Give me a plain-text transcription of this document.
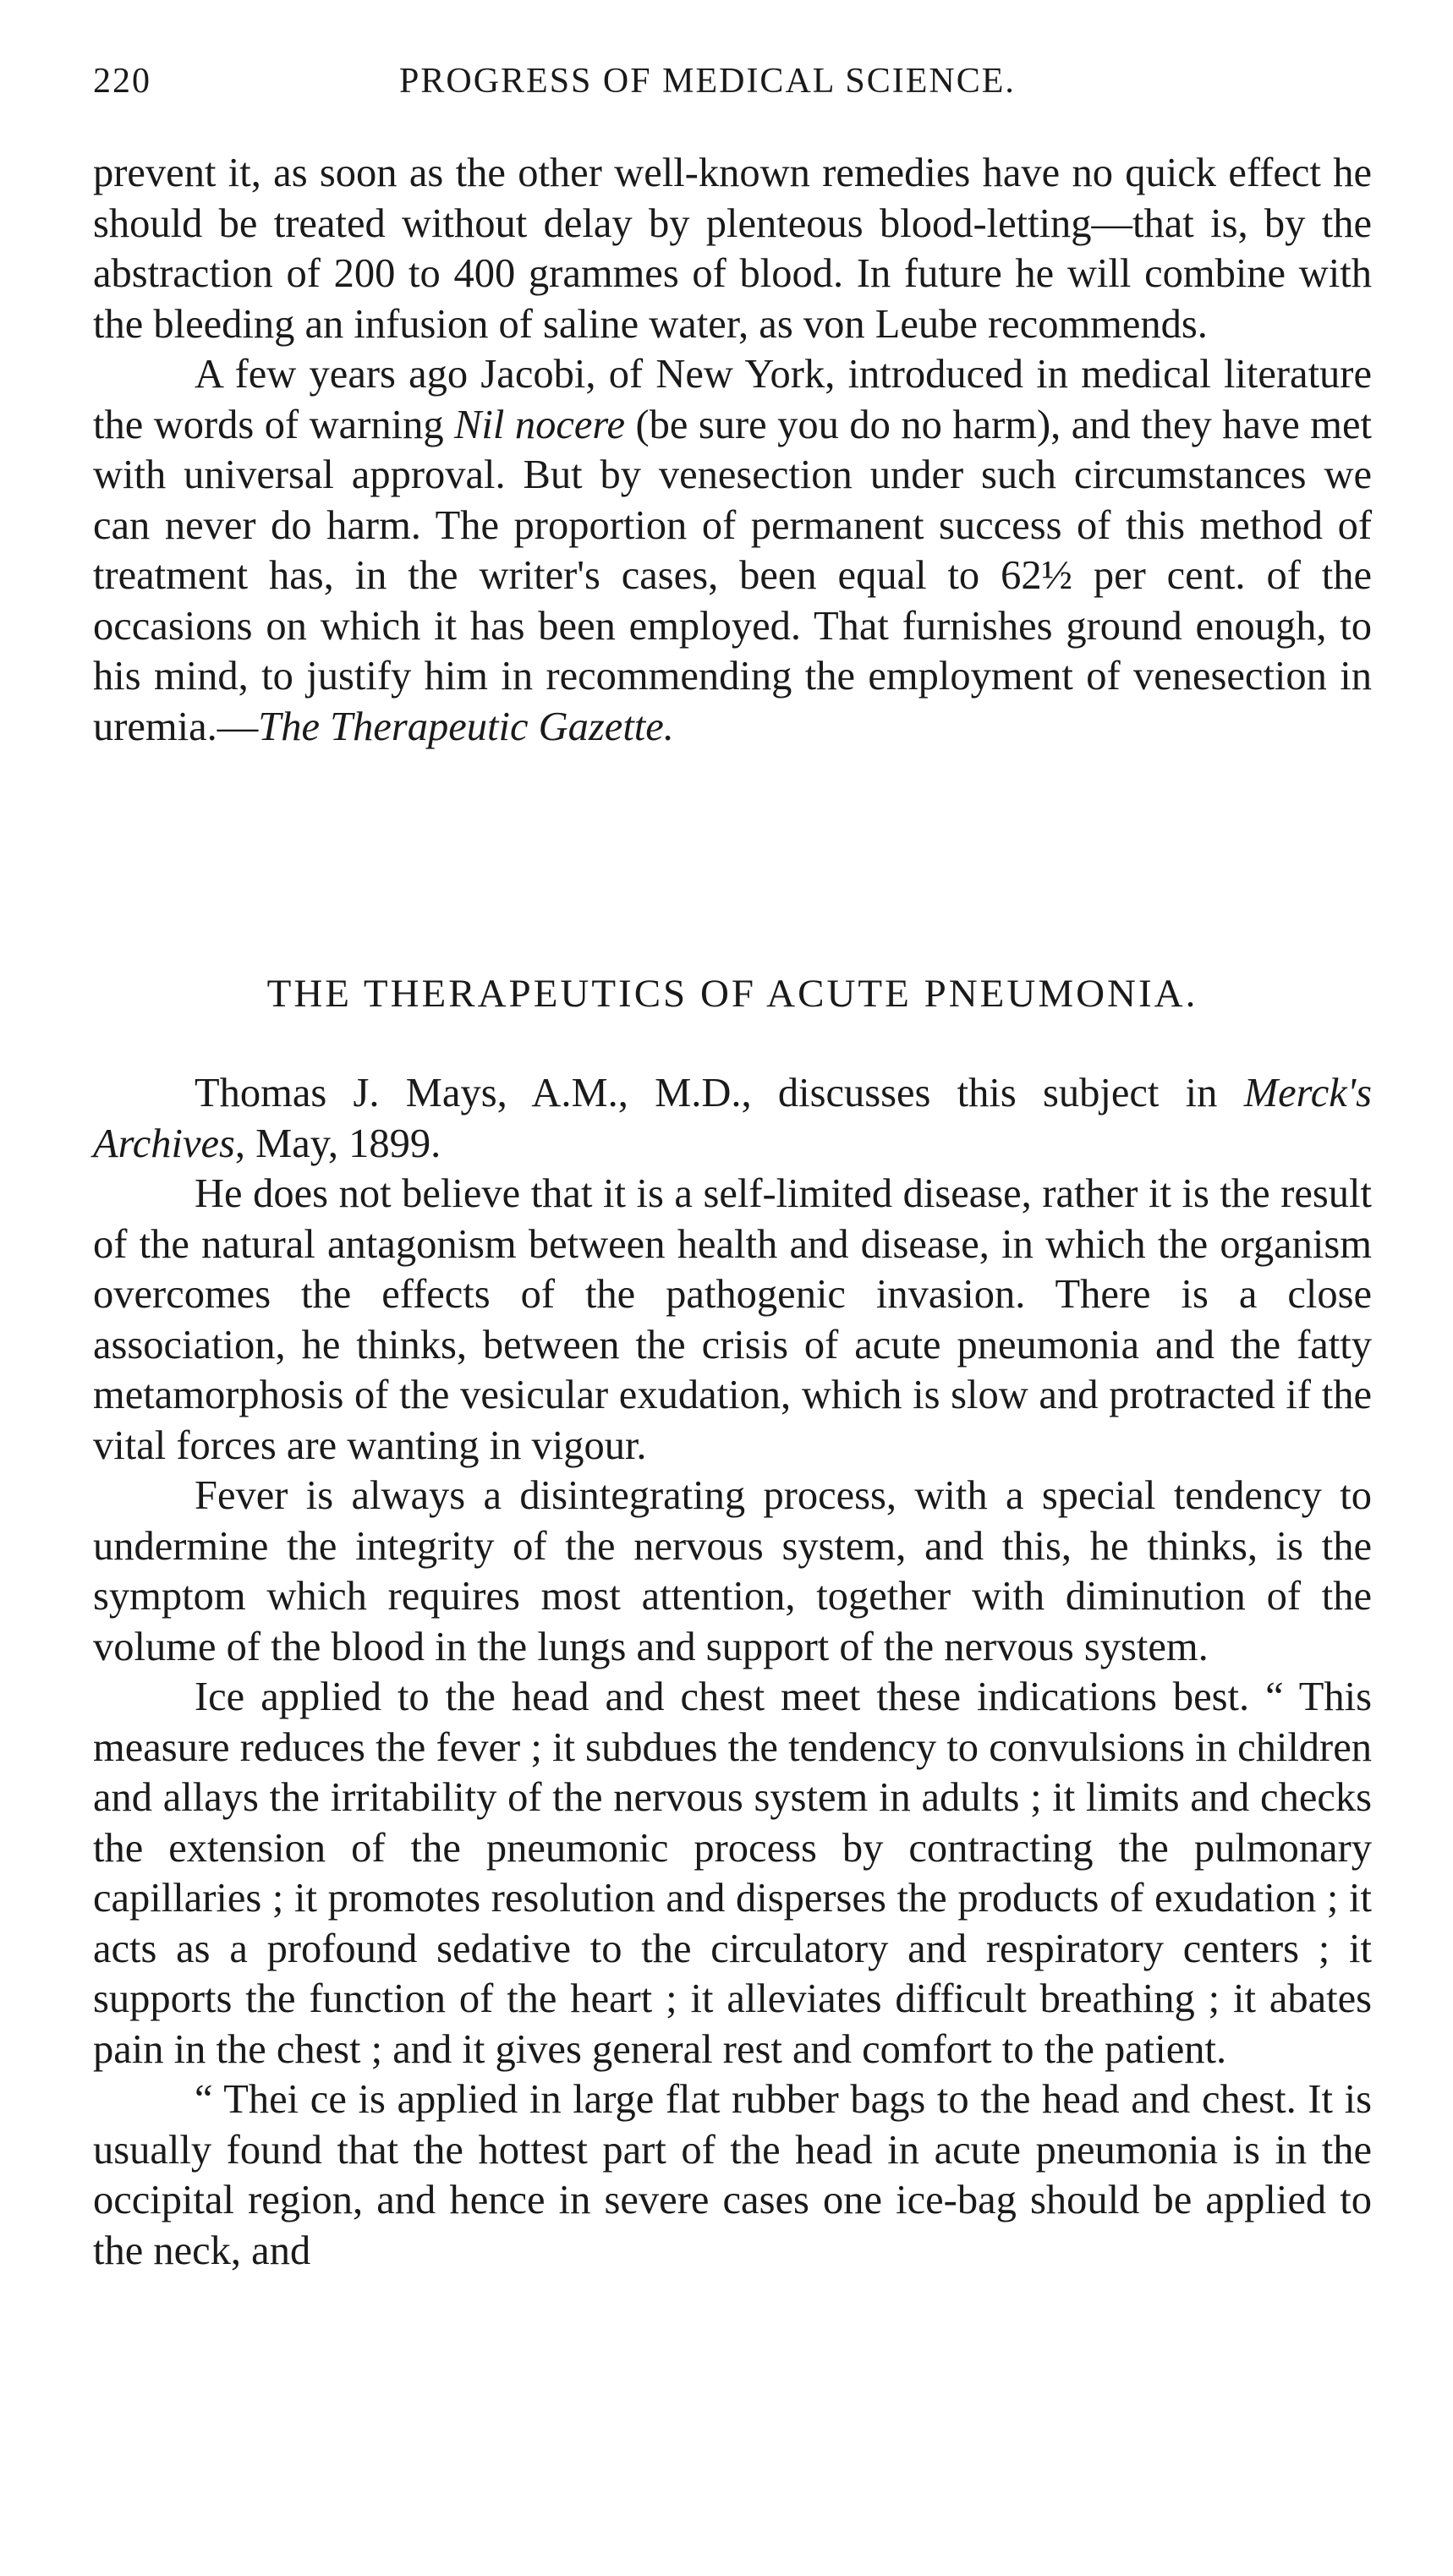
220	PROGRESS OF MEDICAL SCIENCE.

prevent it, as soon as the other well-known remedies have no quick effect he should be treated without delay by plenteous blood-letting—that is, by the abstraction of 200 to 400 grammes of blood. In future he will combine with the bleeding an infusion of saline water, as von Leube recommends.

A few years ago Jacobi, of New York, introduced in medical literature the words of warning Nil nocere (be sure you do no harm), and they have met with universal approval. But by venesection under such circumstances we can never do harm. The proportion of permanent success of this method of treatment has, in the writer's cases, been equal to 62½ per cent. of the occasions on which it has been employed. That furnishes ground enough, to his mind, to justify him in recommending the employment of venesection in uremia.—The Therapeutic Gazette.

THE THERAPEUTICS OF ACUTE PNEUMONIA.

Thomas J. Mays, A.M., M.D., discusses this subject in Merck's Archives, May, 1899.

He does not believe that it is a self-limited disease, rather it is the result of the natural antagonism between health and disease, in which the organism overcomes the effects of the pathogenic invasion. There is a close association, he thinks, between the crisis of acute pneumonia and the fatty metamorphosis of the vesicular exudation, which is slow and protracted if the vital forces are wanting in vigour.

Fever is always a disintegrating process, with a special tendency to undermine the integrity of the nervous system, and this, he thinks, is the symptom which requires most attention, together with diminution of the volume of the blood in the lungs and support of the nervous system.

Ice applied to the head and chest meet these indications best. “ This measure reduces the fever ; it subdues the tendency to convulsions in children and allays the irritability of the nervous system in adults ; it limits and checks the extension of the pneumonic process by contracting the pulmonary capillaries ; it promotes resolution and disperses the products of exudation ; it acts as a profound sedative to the circulatory and respiratory centers ; it supports the function of the heart ; it alleviates difficult breathing ; it abates pain in the chest ; and it gives general rest and comfort to the patient.

“ Thei ce is applied in large flat rubber bags to the head and chest. It is usually found that the hottest part of the head in acute pneumonia is in the occipital region, and hence in severe cases one ice-bag should be applied to the neck, and
